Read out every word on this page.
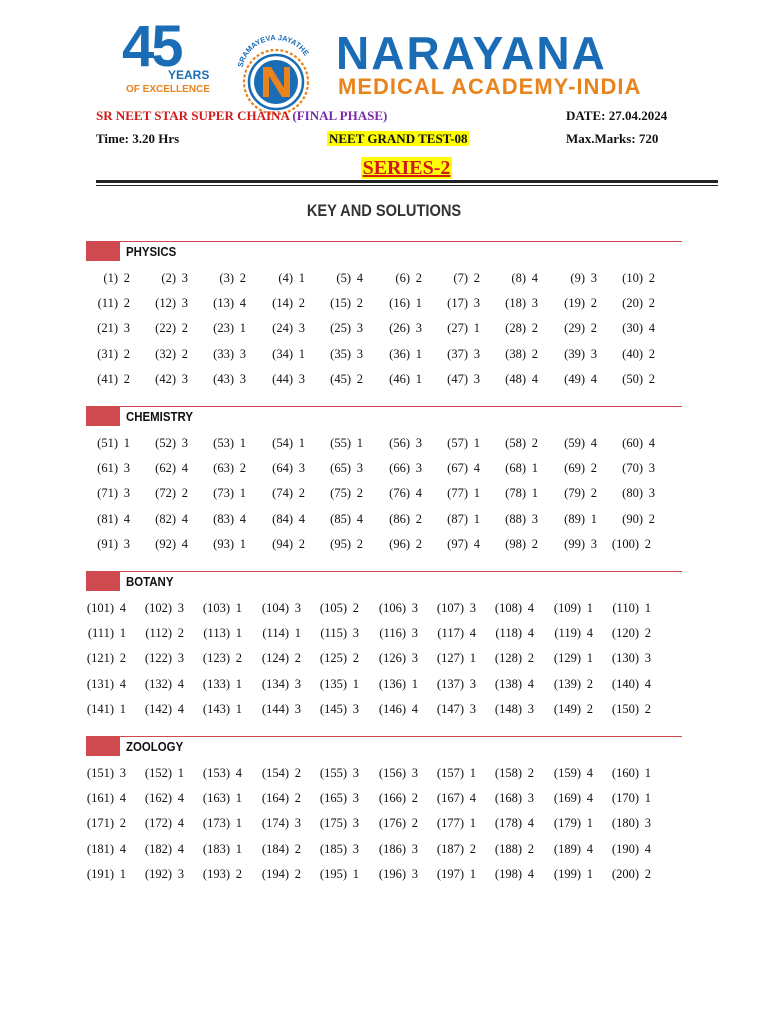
45
YEARS
OF EXCELLENCE
SRAMAYEVA JAYATHE NARAYANA
MEDICAL ACADEMY-INDIA
SR NEET STAR SUPER CHAINA (FINAL PHASE)	DATE: 27.04.2024
Time: 3.20 Hrs	NEET GRAND TEST-08	Max.Marks: 720
SERIES-2
KEY AND SOLUTIONS
PHYSICS
(1) 2	(2) 3	(3) 2	(4) 1	(5) 4	(6) 2	(7) 2	(8) 4	(9) 3	(10) 2
(11) 2	(12) 3	(13) 4	(14) 2	(15) 2	(16) 1	(17) 3	(18) 3	(19) 2	(20) 2
(21) 3	(22) 2	(23) 1	(24) 3	(25) 3	(26) 3	(27) 1	(28) 2	(29) 2	(30) 4
(31) 2	(32) 2	(33) 3	(34) 1	(35) 3	(36) 1	(37) 3	(38) 2	(39) 3	(40) 2
(41) 2	(42) 3	(43) 3	(44) 3	(45) 2	(46) 1	(47) 3	(48) 4	(49) 4	(50) 2
CHEMISTRY
(51) 1	(52) 3	(53) 1	(54) 1	(55) 1	(56) 3	(57) 1	(58) 2	(59) 4	(60) 4
(61) 3	(62) 4	(63) 2	(64) 3	(65) 3	(66) 3	(67) 4	(68) 1	(69) 2	(70) 3
(71) 3	(72) 2	(73) 1	(74) 2	(75) 2	(76) 4	(77) 1	(78) 1	(79) 2	(80) 3
(81) 4	(82) 4	(83) 4	(84) 4	(85) 4	(86) 2	(87) 1	(88) 3	(89) 1	(90) 2
(91) 3	(92) 4	(93) 1	(94) 2	(95) 2	(96) 2	(97) 4	(98) 2	(99) 3 (100) 2
BOTANY
(101) 4 (102) 3 (103) 1 (104) 3 (105) 2 (106) 3 (107) 3 (108) 4 (109) 1 (110) 1
(111) 1 (112) 2 (113) 1 (114) 1 (115) 3 (116) 3 (117) 4 (118) 4 (119) 4 (120) 2
(121) 2 (122) 3 (123) 2 (124) 2 (125) 2 (126) 3 (127) 1 (128) 2 (129) 1 (130) 3
(131) 4 (132) 4 (133) 1 (134) 3 (135) 1 (136) 1 (137) 3 (138) 4 (139) 2 (140) 4
(141) 1 (142) 4 (143) 1 (144) 3 (145) 3 (146) 4 (147) 3 (148) 3 (149) 2 (150) 2
ZOOLOGY
(151) 3 (152) 1 (153) 4 (154) 2 (155) 3 (156) 3 (157) 1 (158) 2 (159) 4 (160) 1
(161) 4 (162) 4 (163) 1 (164) 2 (165) 3 (166) 2 (167) 4 (168) 3 (169) 4 (170) 1
(171) 2 (172) 4 (173) 1 (174) 3 (175) 3 (176) 2 (177) 1 (178) 4 (179) 1 (180) 3
(181) 4 (182) 4 (183) 1 (184) 2 (185) 3 (186) 3 (187) 2 (188) 2 (189) 4 (190) 4
(191) 1 (192) 3 (193) 2 (194) 2 (195) 1 (196) 3 (197) 1 (198) 4 (199) 1 (200) 2
